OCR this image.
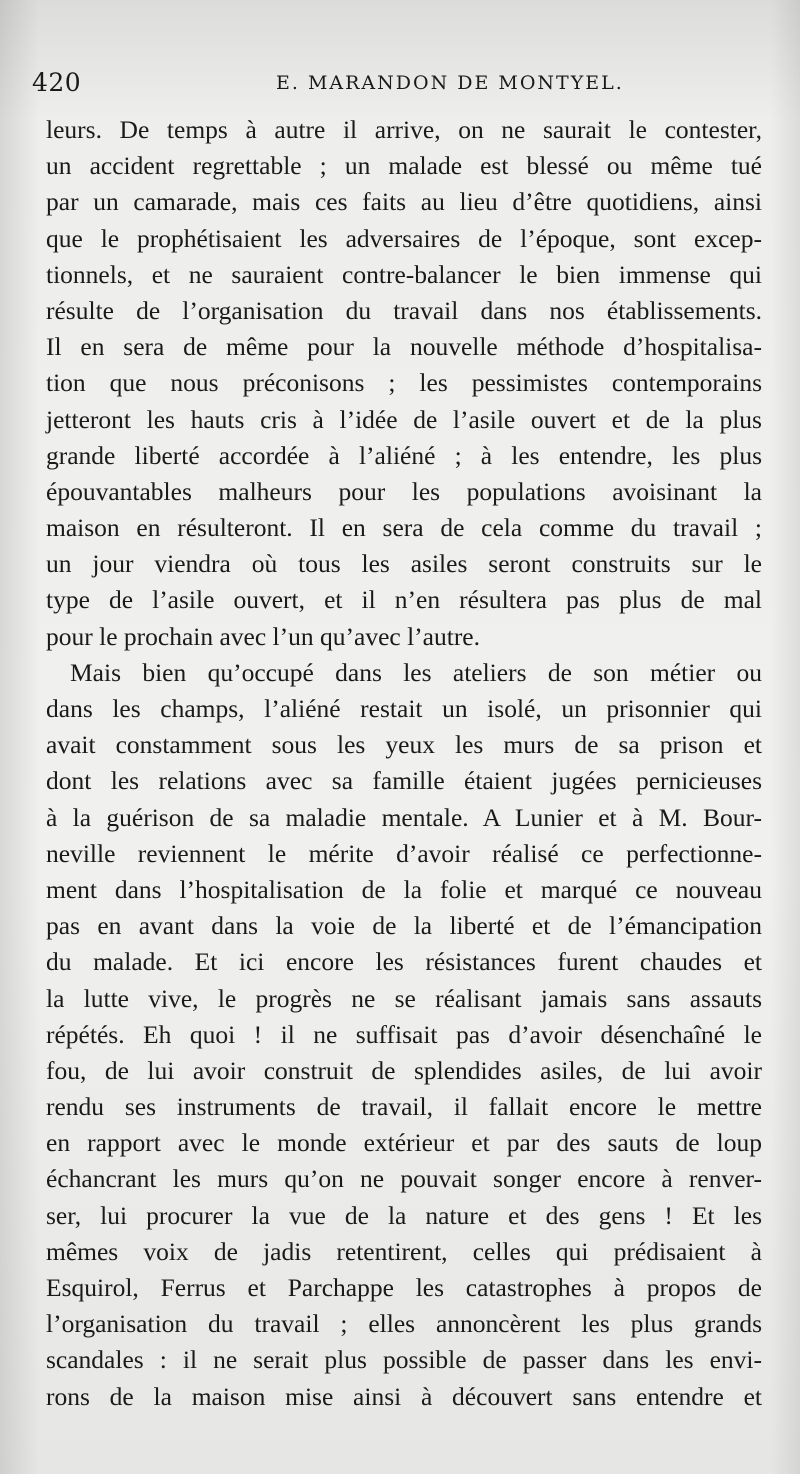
420	E. MARANDON DE MONTYEL.
leurs. De temps à autre il arrive, on ne saurait le contester,
un accident regrettable ; un malade est blessé ou même tué
par un camarade, mais ces faits au lieu d’être quotidiens, ainsi
que le prophétisaient les adversaires de l’époque, sont excep-
tionnels, et ne sauraient contre-balancer le bien immense qui
résulte de l’organisation du travail dans nos établissements.
Il en sera de même pour la nouvelle méthode d’hospitalisa-
tion que nous préconisons ; les pessimistes contemporains
jetteront les hauts cris à l’idée de l’asile ouvert et de la plus
grande liberté accordée à l’aliéné ; à les entendre, les plus
épouvantables malheurs pour les populations avoisinant la
maison en résulteront. Il en sera de cela comme du travail ;
un jour viendra où tous les asiles seront construits sur le
type de l’asile ouvert, et il n’en résultera pas plus de mal
pour le prochain avec l’un qu’avec l’autre.
Mais bien qu’occupé dans les ateliers de son métier ou
dans les champs, l’aliéné restait un isolé, un prisonnier qui
avait constamment sous les yeux les murs de sa prison et
dont les relations avec sa famille étaient jugées pernicieuses
à la guérison de sa maladie mentale. A Lunier et à M. Bour-
neville reviennent le mérite d’avoir réalisé ce perfectionne-
ment dans l’hospitalisation de la folie et marqué ce nouveau
pas en avant dans la voie de la liberté et de l’émancipation
du malade. Et ici encore les résistances furent chaudes et
la lutte vive, le progrès ne se réalisant jamais sans assauts
répétés. Eh quoi ! il ne suffisait pas d’avoir désenchaîné le
fou, de lui avoir construit de splendides asiles, de lui avoir
rendu ses instruments de travail, il fallait encore le mettre
en rapport avec le monde extérieur et par des sauts de loup
échancrant les murs qu’on ne pouvait songer encore à renver-
ser, lui procurer la vue de la nature et des gens ! Et les
mêmes voix de jadis retentirent, celles qui prédisaient à
Esquirol, Ferrus et Parchappe les catastrophes à propos de
l’organisation du travail ; elles annoncèrent les plus grands
scandales : il ne serait plus possible de passer dans les envi-
rons de la maison mise ainsi à découvert sans entendre et
